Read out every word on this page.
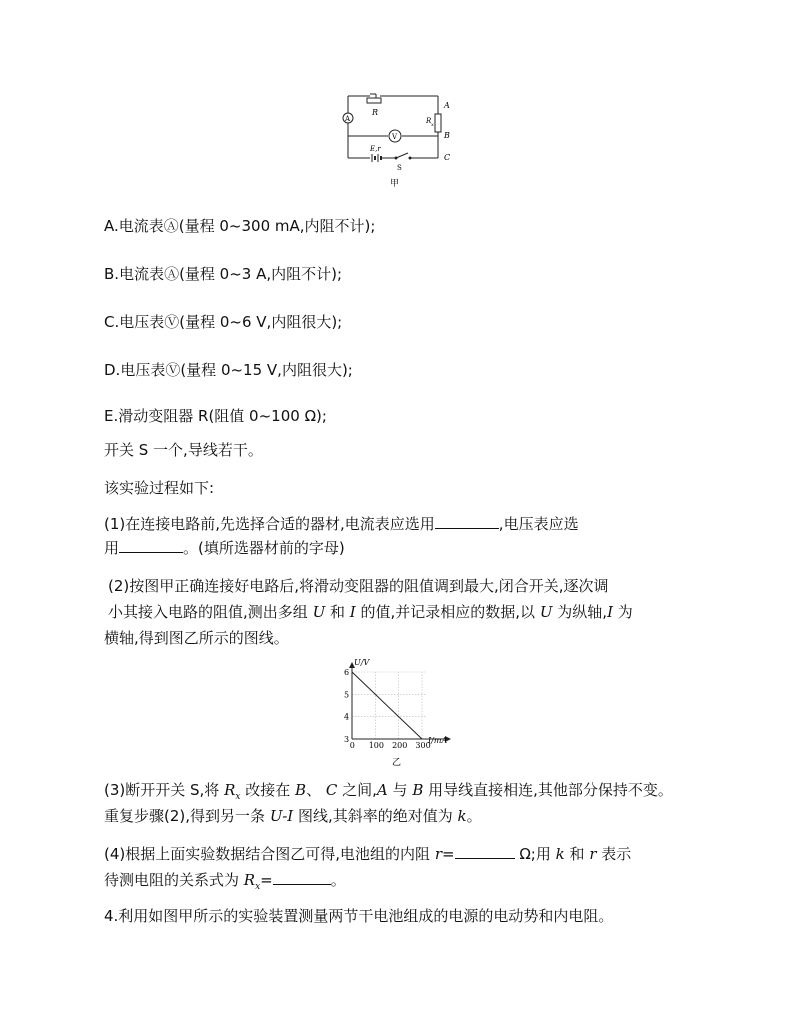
R
R x
A
B
C
E,r
S
A
V
甲
A.电流表Ⓐ(量程 0~300 mA,内阻不计);
B.电流表Ⓐ(量程 0~3 A,内阻不计);
C.电压表Ⓥ(量程 0~6 V,内阻很大);
D.电压表Ⓥ(量程 0~15 V,内阻很大);
E.滑动变阻器 R(阻值 0~100 Ω);
开关 S 一个,导线若干。
该实验过程如下:
(1)在连接电路前,先选择合适的器材,电流表应选用	,电压表应选
用	。(填所选器材前的字母)
(2)按图甲正确连接好电路后,将滑动变阻器的阻值调到最大,闭合开关,逐次调
小其接入电路的阻值,测出多组 U 和 I 的值,并记录相应的数据,以 U 为纵轴,I 为
横轴,得到图乙所示的图线。
0 100 200 300
3
4
5
6
U/V
I/mA
乙
(3)断开开关 S,将 $R_x$ 改接在 B、 C 之间,A 与 B 用导线直接相连,其他部分保持不变。
重复步骤(2),得到另一条 U-I 图线,其斜率的绝对值为 k。
(4)根据上面实验数据结合图乙可得,电池组的内阻 r=	Ω;用 k 和 r 表示
待测电阻的关系式为 $R_x=$	。
4.利用如图甲所示的实验装置测量两节干电池组成的电源的电动势和内电阻。
